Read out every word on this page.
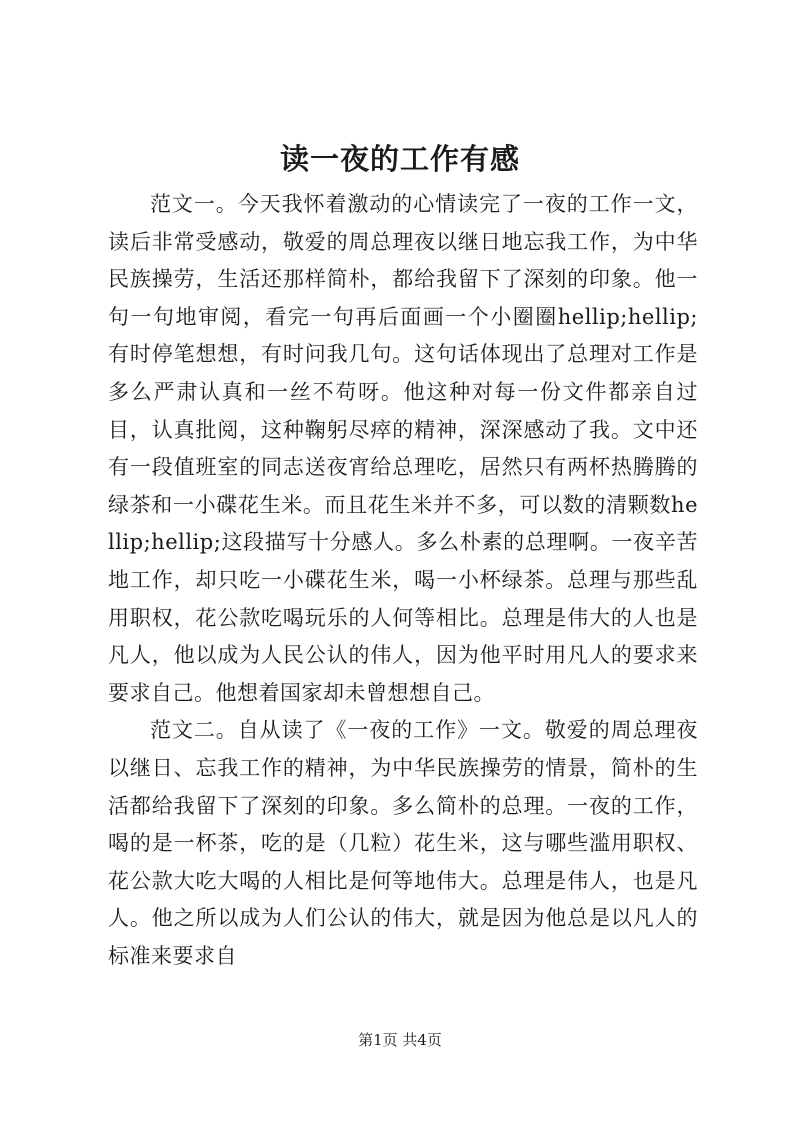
读一夜的工作有感

范文一。今天我怀着激动的心情读完了一夜的工作一文，读后非常受感动，敬爱的周总理夜以继日地忘我工作，为中华民族操劳，生活还那样简朴，都给我留下了深刻的印象。他一句一句地审阅，看完一句再后面画一个小圈圈hellip;hellip;有时停笔想想，有时问我几句。这句话体现出了总理对工作是多么严肃认真和一丝不苟呀。他这种对每一份文件都亲自过目，认真批阅，这种鞠躬尽瘁的精神，深深感动了我。文中还有一段值班室的同志送夜宵给总理吃，居然只有两杯热腾腾的绿茶和一小碟花生米。而且花生米并不多，可以数的清颗数hellip;hellip;这段描写十分感人。多么朴素的总理啊。一夜辛苦地工作，却只吃一小碟花生米，喝一小杯绿茶。总理与那些乱用职权，花公款吃喝玩乐的人何等相比。总理是伟大的人也是凡人，他以成为人民公认的伟人，因为他平时用凡人的要求来要求自己。他想着国家却未曾想想自己。

范文二。自从读了《一夜的工作》一文。敬爱的周总理夜以继日、忘我工作的精神，为中华民族操劳的情景，简朴的生活都给我留下了深刻的印象。多么简朴的总理。一夜的工作，喝的是一杯茶，吃的是（几粒）花生米，这与哪些滥用职权、花公款大吃大喝的人相比是何等地伟大。总理是伟人，也是凡人。他之所以成为人们公认的伟大，就是因为他总是以凡人的标准来要求自

第1页 共4页
